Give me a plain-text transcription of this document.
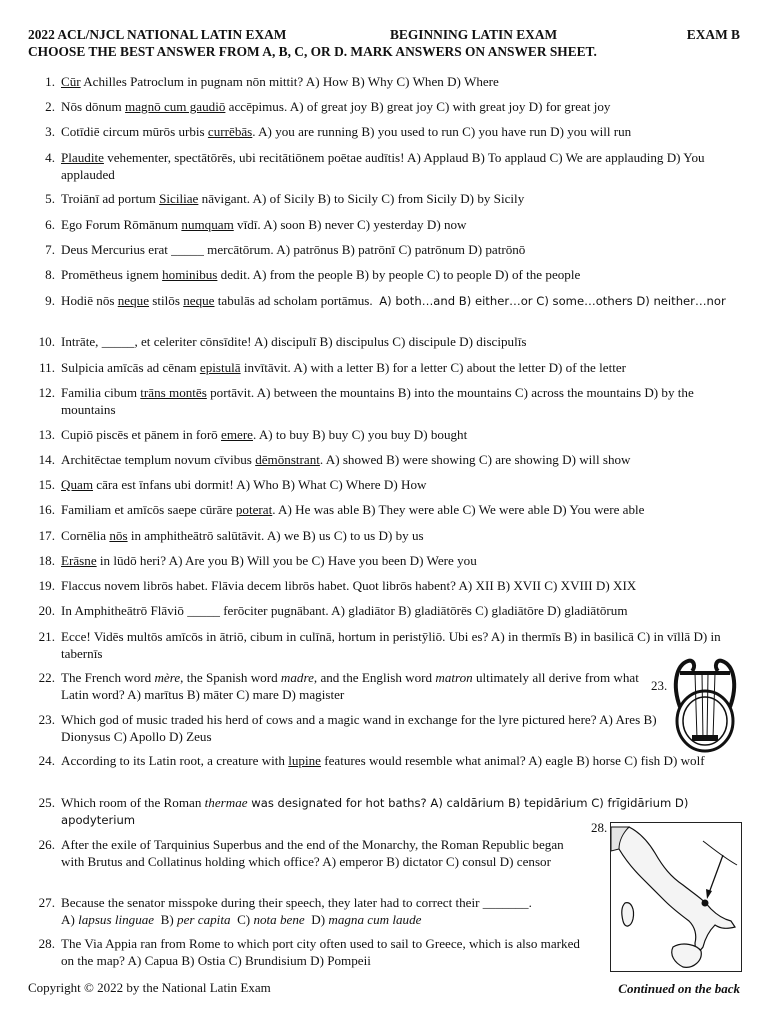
2022 ACL/NJCL NATIONAL LATIN EXAM	BEGINNING LATIN EXAM	EXAM B
CHOOSE THE BEST ANSWER FROM A, B, C, OR D. MARK ANSWERS ON ANSWER SHEET.
1. Cūr Achilles Patroclum in pugnam nōn mittit? A) How B) Why C) When D) Where
2. Nōs dōnum magnō cum gaudiō accēpimus. A) of great joy B) great joy C) with great joy D) for great joy
3. Cotīdiē circum mūrōs urbis currēbās. A) you are running B) you used to run C) you have run D) you will run
4. Plaudite vehementer, spectātōrēs, ubi recitātiōnem poētae audītis! A) Applaud B) To applaud C) We are applauding D) You applauded
5. Troiānī ad portum Siciliae nāvigant. A) of Sicily B) to Sicily C) from Sicily D) by Sicily
6. Ego Forum Rōmānum numquam vīdī. A) soon B) never C) yesterday D) now
7. Deus Mercurius erat _____ mercātōrum. A) patrōnus B) patrōnī C) patrōnum D) patrōnō
8. Promētheus ignem hominibus dedit. A) from the people B) by people C) to people D) of the people
9. Hodiē nōs neque stilōs neque tabulās ad scholam portāmus. A) both…and B) either…or C) some…others D) neither…nor
10. Intrāte, _____, et celeriter cōnsīdite! A) discipulī B) discipulus C) discipule D) discipulīs
11. Sulpicia amīcās ad cēnam epistulā invītāvit. A) with a letter B) for a letter C) about the letter D) of the letter
12. Familia cibum trāns montēs portāvit. A) between the mountains B) into the mountains C) across the mountains D) by the mountains
13. Cupiō piscēs et pānem in forō emere. A) to buy B) buy C) you buy D) bought
14. Architēctae templum novum cīvibus dēmōnstrant. A) showed B) were showing C) are showing D) will show
15. Quam cāra est īnfans ubi dormit! A) Who B) What C) Where D) How
16. Familiam et amīcōs saepe cūrāre poterat. A) He was able B) They were able C) We were able D) You were able
17. Cornēlia nōs in amphitheātrō salūtāvit. A) we B) us C) to us D) by us
18. Erāsne in lūdō heri? A) Are you B) Will you be C) Have you been D) Were you
19. Flaccus novem librōs habet. Flāvia decem librōs habet. Quot librōs habent? A) XII B) XVII C) XVIII D) XIX
20. In Amphitheātrō Flāviō _____ ferōciter pugnābant. A) gladiātor B) gladiātōrēs C) gladiātōre D) gladiātōrum
21. Ecce! Vidēs multōs amīcōs in ātriō, cibum in culīnā, hortum in peristȳliō. Ubi es? A) in thermīs B) in basilicā C) in vīllā D) in tabernīs
22. The French word mère, the Spanish word madre, and the English word matron ultimately all derive from what Latin word? A) marītus B) māter C) mare D) magister
23. Which god of music traded his herd of cows and a magic wand in exchange for the lyre pictured here? A) Ares B) Dionysus C) Apollo D) Zeus
24. According to its Latin root, a creature with lupine features would resemble what animal? A) eagle B) horse C) fish D) wolf
25. Which room of the Roman thermae was designated for hot baths? A) caldārium B) tepidārium C) frīgidārium D) apodyterium
26. After the exile of Tarquinius Superbus and the end of the Monarchy, the Roman Republic began with Brutus and Collatinus holding which office? A) emperor B) dictator C) consul D) censor
27. Because the senator misspoke during their speech, they later had to correct their _______.
A) lapsus linguae  B) per capita  C) nota bene  D) magna cum laude
28. The Via Appia ran from Rome to which port city often used to sail to Greece, which is also marked on the map? A) Capua B) Ostia C) Brundisium D) Pompeii
23.
28.
Copyright © 2022 by the National Latin Exam	Continued on the back
